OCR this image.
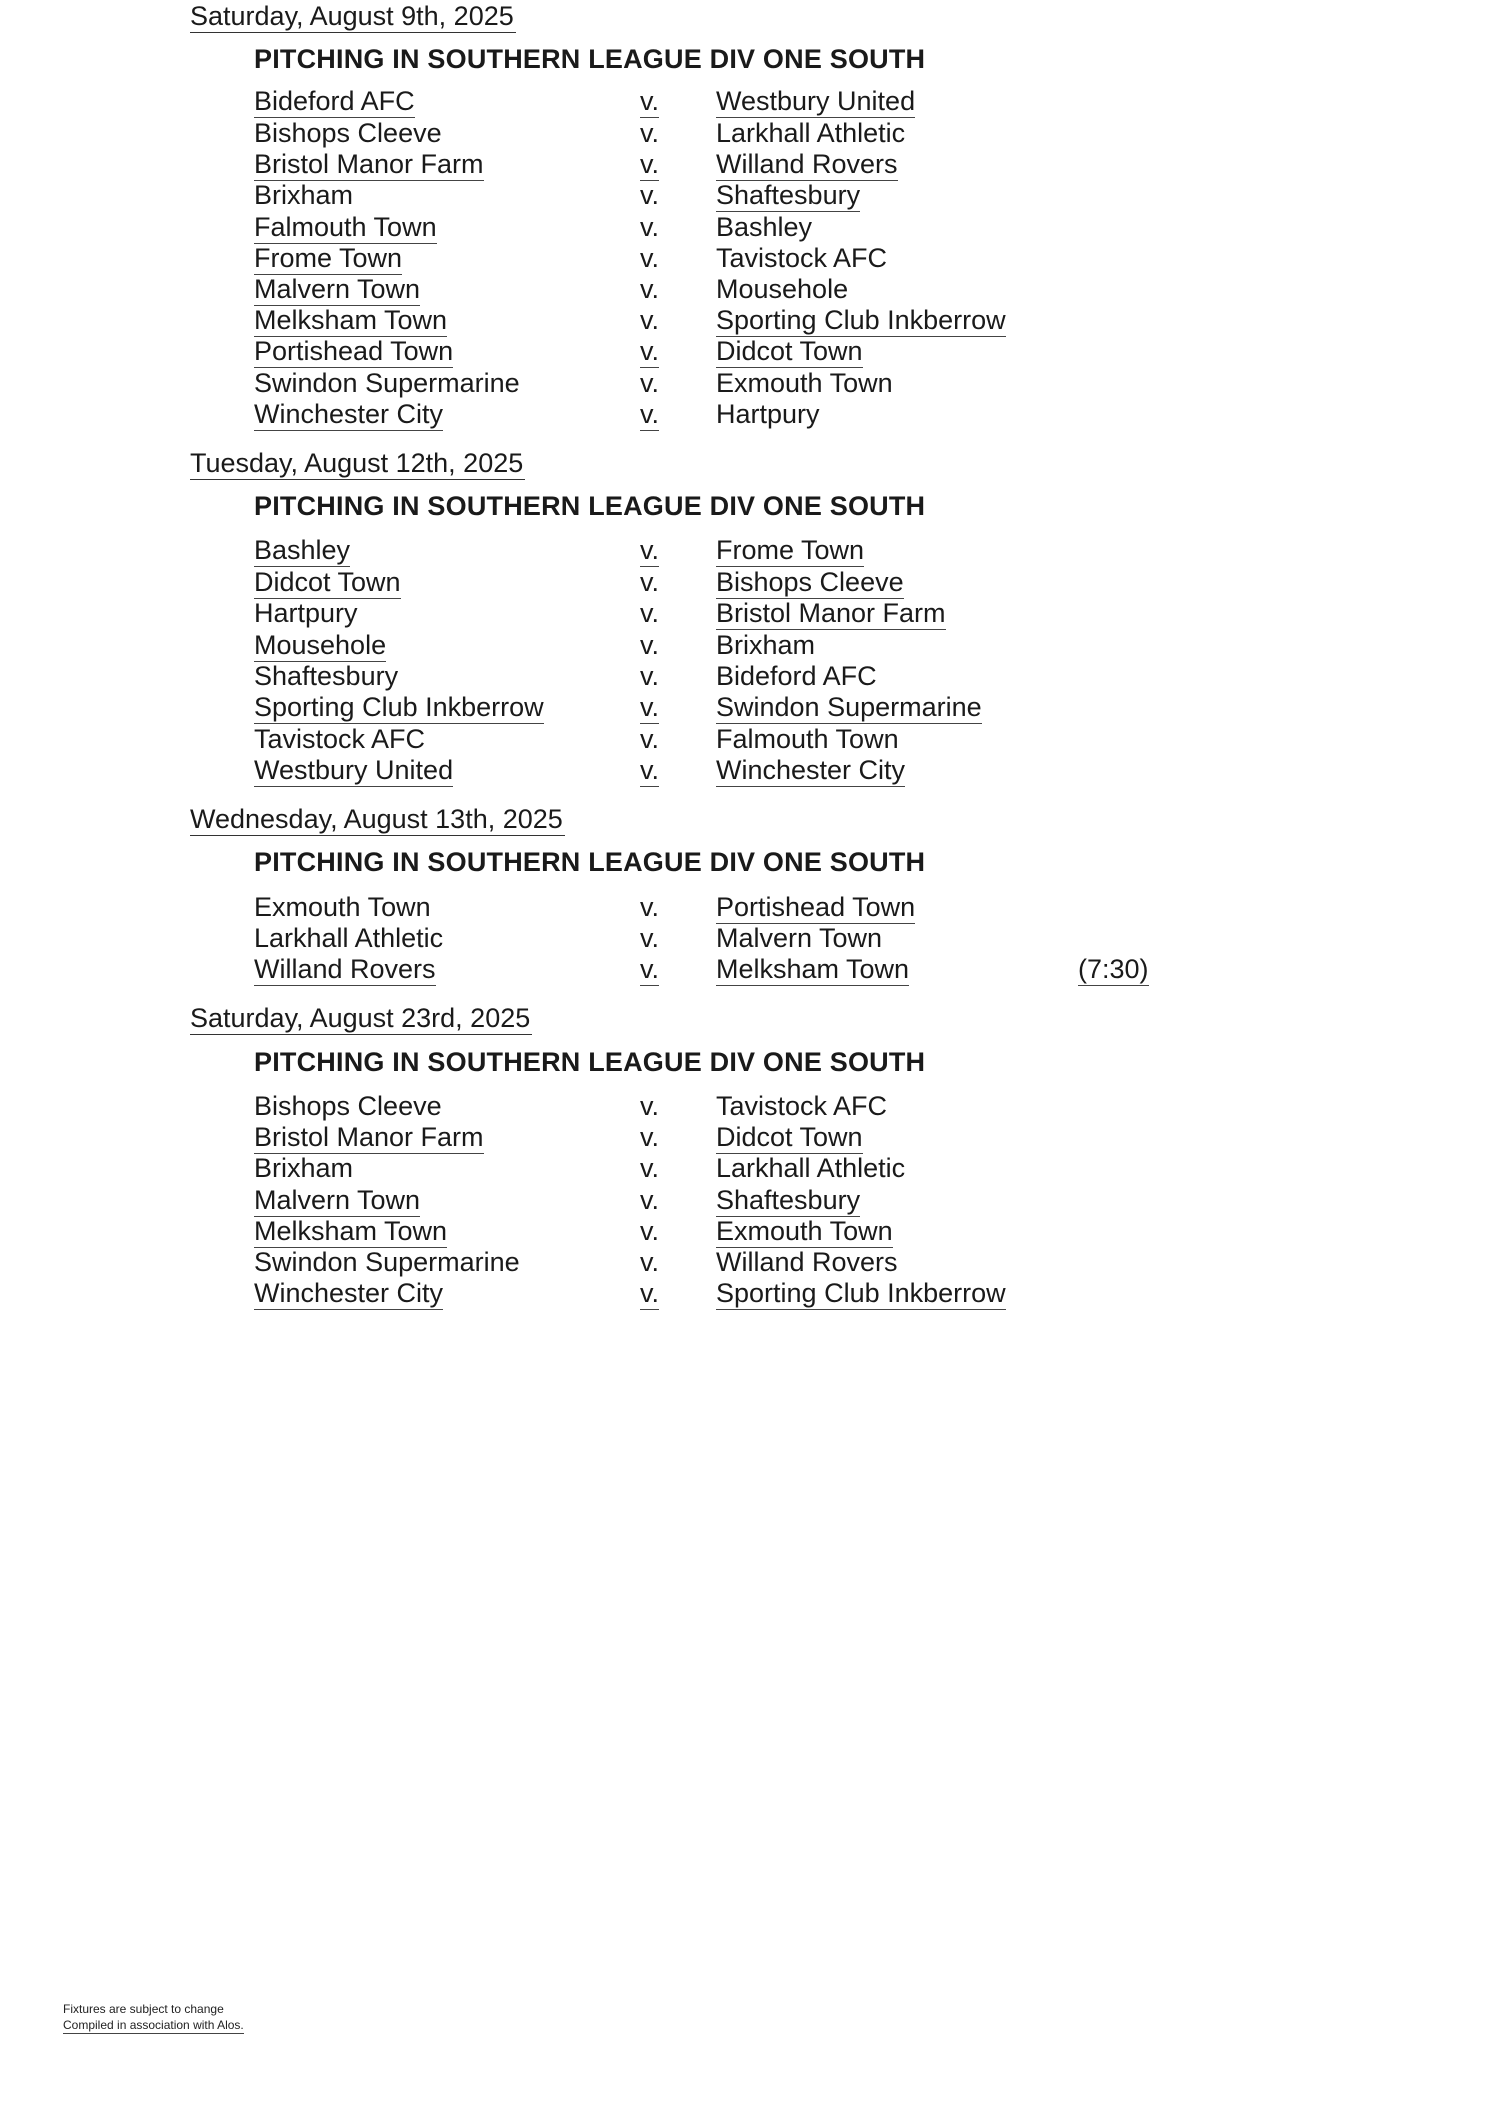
Saturday, August 9th, 2025
PITCHING IN SOUTHERN LEAGUE DIV ONE SOUTH
Bideford AFC	v. Westbury United
Bishops Cleeve	v. Larkhall Athletic
Bristol Manor Farm	v. Willand Rovers
Brixham	v. Shaftesbury
Falmouth Town	v. Bashley
Frome Town	v. Tavistock AFC
Malvern Town	v. Mousehole
Melksham Town	v. Sporting Club Inkberrow
Portishead Town	v. Didcot Town
Swindon Supermarine	v. Exmouth Town
Winchester City	v. Hartpury
Tuesday, August 12th, 2025
PITCHING IN SOUTHERN LEAGUE DIV ONE SOUTH
Bashley	v. Frome Town
Didcot Town	v. Bishops Cleeve
Hartpury	v. Bristol Manor Farm
Mousehole	v. Brixham
Shaftesbury	v. Bideford AFC
Sporting Club Inkberrow	v. Swindon Supermarine
Tavistock AFC	v. Falmouth Town
Westbury United	v. Winchester City
Wednesday, August 13th, 2025
PITCHING IN SOUTHERN LEAGUE DIV ONE SOUTH
Exmouth Town	v. Portishead Town
Larkhall Athletic	v. Malvern Town
Willand Rovers	v. Melksham Town	(7:30)
Saturday, August 23rd, 2025
PITCHING IN SOUTHERN LEAGUE DIV ONE SOUTH
Bishops Cleeve	v. Tavistock AFC
Bristol Manor Farm	v. Didcot Town
Brixham	v. Larkhall Athletic
Malvern Town	v. Shaftesbury
Melksham Town	v. Exmouth Town
Swindon Supermarine	v. Willand Rovers
Winchester City	v. Sporting Club Inkberrow
Fixtures are subject to change
Compiled in association with Alos.
